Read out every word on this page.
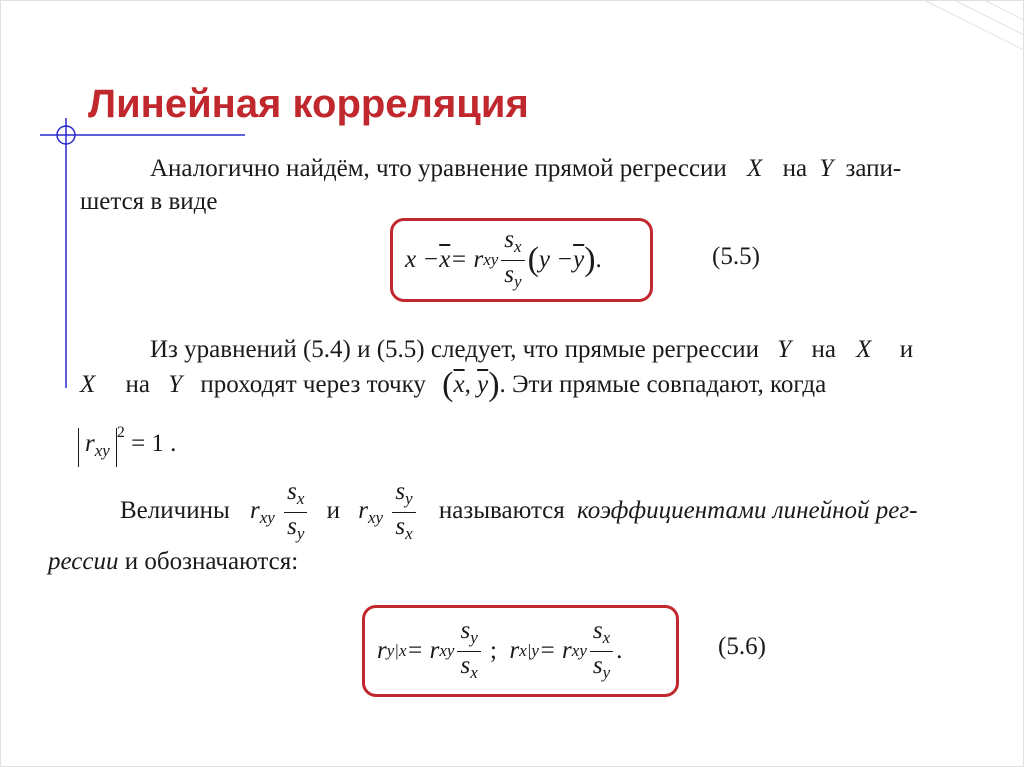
Линейная корреляция
Аналогично найдём, что уравнение прямой регрессии X на Y запи-
шется в виде
$x - \overline{x} = r$ xy $\frac{s_x}{s_y}$ ( $y - \overline{y}$ ) .	(5.5)
Из уравнений (5.4) и (5.5) следует, что прямые регрессии Y на X и
X на Y проходят через точку ($\overline{x}$, $\overline{y}$). Эти прямые совпадают, когда
$r_{xy}^2 = 1$ .
Величины $r_{xy} \frac{s_x}{s_y}$ и $r_{xy} \frac{s_y}{s_x}$ называются коэффициентами линейной рег-
рессии и обозначаются:
r y|x = r xy $\frac{s_y}{s_x}$ ; r x|y = r xy $\frac{s_x}{s_y}$ .	(5.6)
